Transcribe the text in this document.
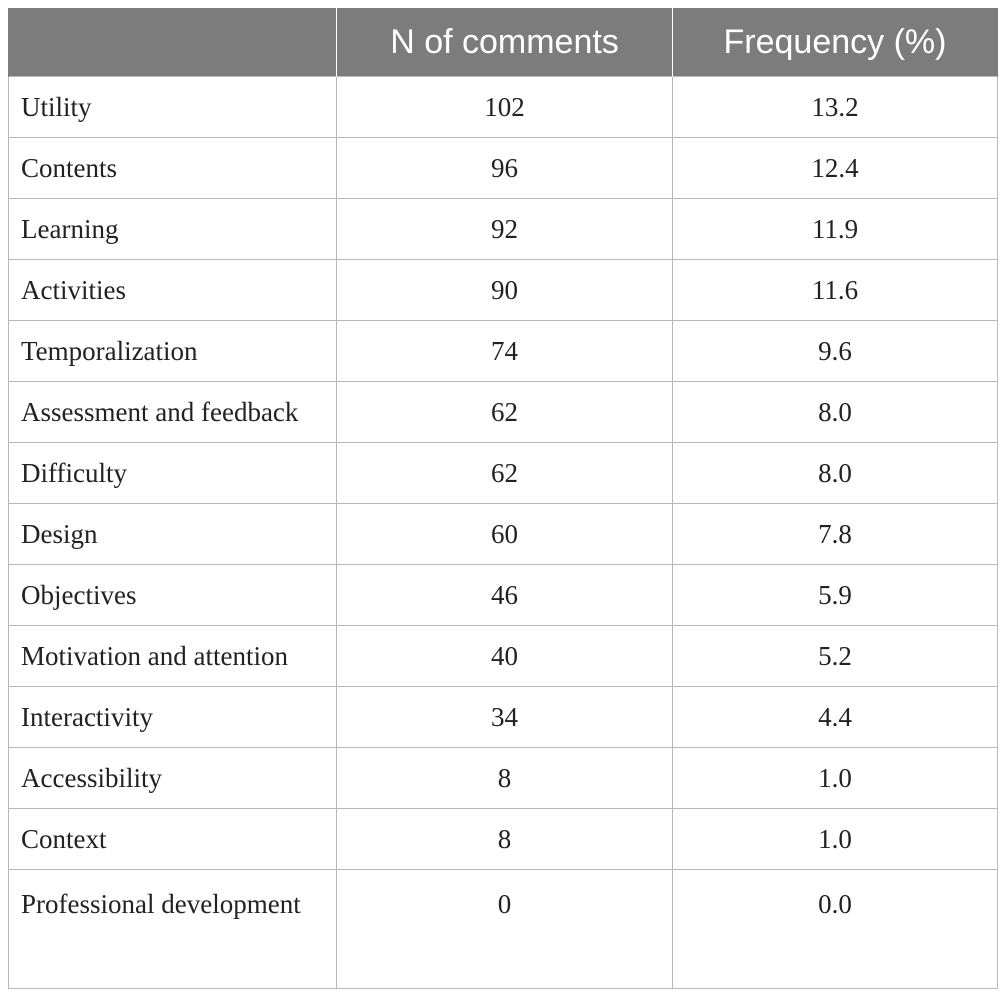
	N of comments	Frequency (%)
Utility	102	13.2
Contents	96	12.4
Learning	92	11.9
Activities	90	11.6
Temporalization	74	9.6
Assessment and feedback	62	8.0
Difficulty	62	8.0
Design	60	7.8
Objectives	46	5.9
Motivation and attention	40	5.2
Interactivity	34	4.4
Accessibility	8	1.0
Context	8	1.0
Professional development	0	0.0
